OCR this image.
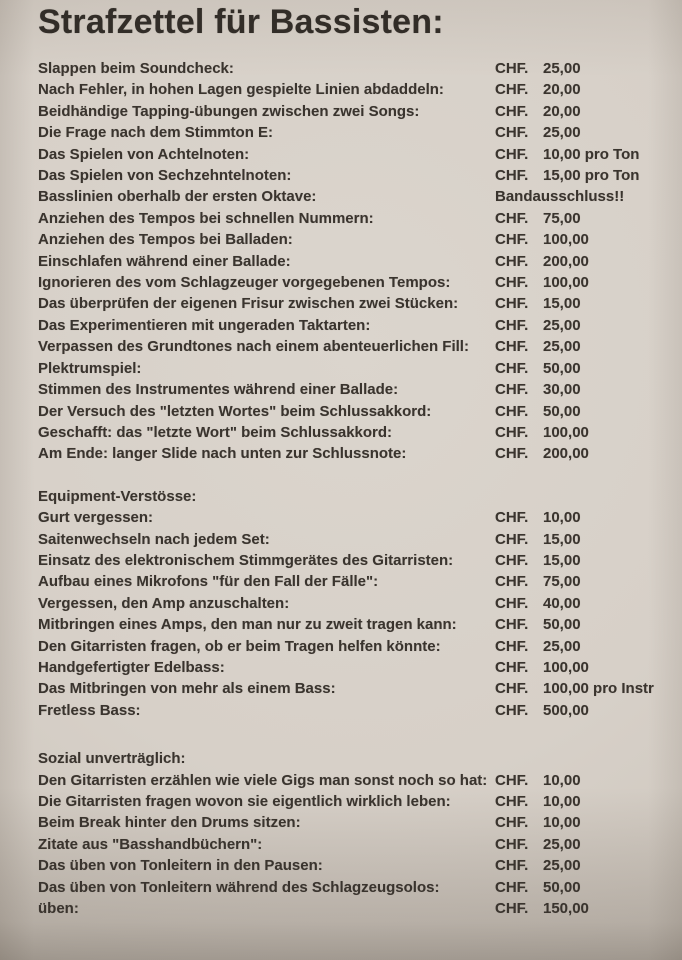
Strafzettel für Bassisten:
Slappen beim Soundcheck:	CHF. 25,00
Nach Fehler, in hohen Lagen gespielte Linien abdaddeln:	CHF. 20,00
Beidhändige Tapping-übungen zwischen zwei Songs:	CHF. 20,00
Die Frage nach dem Stimmton E:	CHF. 25,00
Das Spielen von Achtelnoten:	CHF. 10,00 pro Ton
Das Spielen von Sechzehntelnoten:	CHF. 15,00 pro Ton
Basslinien oberhalb der ersten Oktave:	Bandausschluss!!
Anziehen des Tempos bei schnellen Nummern:	CHF. 75,00
Anziehen des Tempos bei Balladen:	CHF. 100,00
Einschlafen während einer Ballade:	CHF. 200,00
Ignorieren des vom Schlagzeuger vorgegebenen Tempos:	CHF. 100,00
Das überprüfen der eigenen Frisur zwischen zwei Stücken:	CHF. 15,00
Das Experimentieren mit ungeraden Taktarten:	CHF. 25,00
Verpassen des Grundtones nach einem abenteuerlichen Fill:	CHF. 25,00
Plektrumspiel:	CHF. 50,00
Stimmen des Instrumentes während einer Ballade:	CHF. 30,00
Der Versuch des "letzten Wortes" beim Schlussakkord:	CHF. 50,00
Geschafft: das "letzte Wort" beim Schlussakkord:	CHF. 100,00
Am Ende: langer Slide nach unten zur Schlussnote:	CHF. 200,00
Equipment-Verstösse:
Gurt vergessen:	CHF. 10,00
Saitenwechseln nach jedem Set:	CHF. 15,00
Einsatz des elektronischem Stimmgerätes des Gitarristen:	CHF. 15,00
Aufbau eines Mikrofons "für den Fall der Fälle":	CHF. 75,00
Vergessen, den Amp anzuschalten:	CHF. 40,00
Mitbringen eines Amps, den man nur zu zweit tragen kann:	CHF. 50,00
Den Gitarristen fragen, ob er beim Tragen helfen könnte:	CHF. 25,00
Handgefertigter Edelbass:	CHF. 100,00
Das Mitbringen von mehr als einem Bass:	CHF. 100,00 pro Instr
Fretless Bass:	CHF. 500,00
Sozial unverträglich:
Den Gitarristen erzählen wie viele Gigs man sonst noch so hat: CHF. 10,00
Die Gitarristen fragen wovon sie eigentlich wirklich leben:	CHF. 10,00
Beim Break hinter den Drums sitzen:	CHF. 10,00
Zitate aus "Basshandbüchern":	CHF. 25,00
Das üben von Tonleitern in den Pausen:	CHF. 25,00
Das üben von Tonleitern während des Schlagzeugsolos:	CHF. 50,00
üben:	CHF. 150,00
